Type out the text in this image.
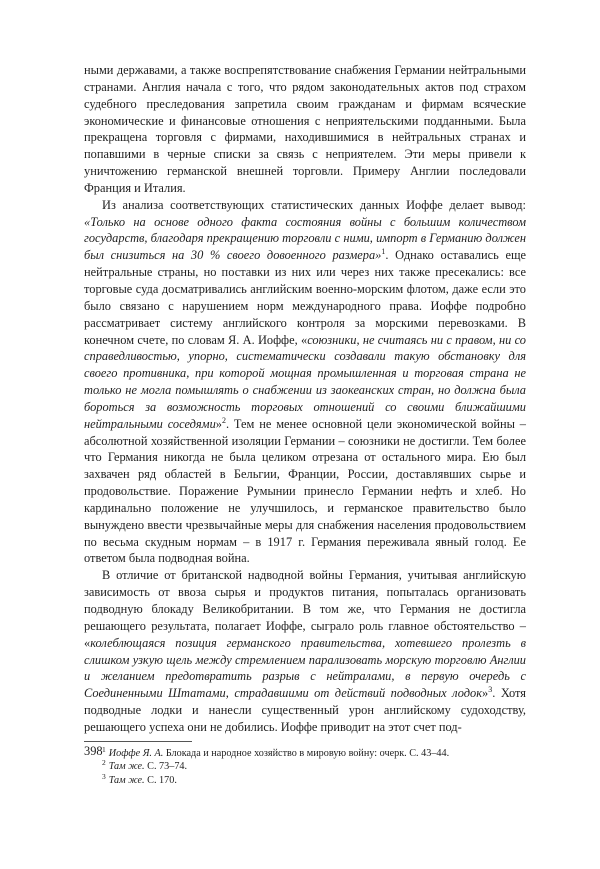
ными державами, а также воспрепятствование снабжения Германии нейтральными странами. Англия начала с того, что рядом законодательных актов под страхом судебного преследования запретила своим гражданам и фирмам всяческие экономические и финансовые отношения с неприятельскими подданными. Была прекращена торговля с фирмами, находившимися в нейтральных странах и попавшими в черные списки за связь с неприятелем. Эти меры привели к уничтожению германской внешней торговли. Примеру Англии последовали Франция и Италия.

Из анализа соответствующих статистических данных Иоффе делает вывод: «Только на основе одного факта состояния войны с большим количеством государств, благодаря прекращению торговли с ними, импорт в Германию должен был снизиться на 30 % своего довоенного размера»$^1$. Однако оставались еще нейтральные страны, но поставки из них или через них также пресекались: все торговые суда досматривались английским военно-морским флотом, даже если это было связано с нарушением норм международного права. Иоффе подробно рассматривает систему английского контроля за морскими перевозками. В конечном счете, по словам Я. А. Иоффе, «союзники, не считаясь ни с правом, ни со справедливостью, упорно, систематически создавали такую обстановку для своего противника, при которой мощная промышленная и торговая страна не только не могла помышлять о снабжении из заокеанских стран, но должна была бороться за возможность торговых отношений со своими ближайшими нейтральными соседями»$^2$. Тем не менее основной цели экономической войны – абсолютной хозяйственной изоляции Германии – союзники не достигли. Тем более что Германия никогда не была целиком отрезана от остального мира. Ею был захвачен ряд областей в Бельгии, Франции, России, доставлявших сырье и продовольствие. Поражение Румынии принесло Германии нефть и хлеб. Но кардинально положение не улучшилось, и германское правительство было вынуждено ввести чрезвычайные меры для снабжения населения продовольствием по весьма скудным нормам – в 1917 г. Германия переживала явный голод. Ее ответом была подводная война.

В отличие от британской надводной войны Германия, учитывая английскую зависимость от ввоза сырья и продуктов питания, попыталась организовать подводную блокаду Великобритании. В том же, что Германия не достигла решающего результата, полагает Иоффе, сыграло роль главное обстоятельство – «колеблющаяся позиция германского правительства, хотевшего пролезть в слишком узкую щель между стремлением парализовать морскую торговлю Англии и желанием предотвратить разрыв с нейтралами, в первую очередь с Соединенными Штатами, страдавшими от действий подводных лодок»$^3$. Хотя подводные лодки и нанесли существенный урон английскому судоходству, решающего успеха они не добились. Иоффе приводит на этот счет под-

$^1$ Иоффе Я. А. Блокада и народное хозяйство в мировую войну: очерк. С. 43–44.

$^2$ Там же. С. 73–74.

$^3$ Там же. С. 170.

398
